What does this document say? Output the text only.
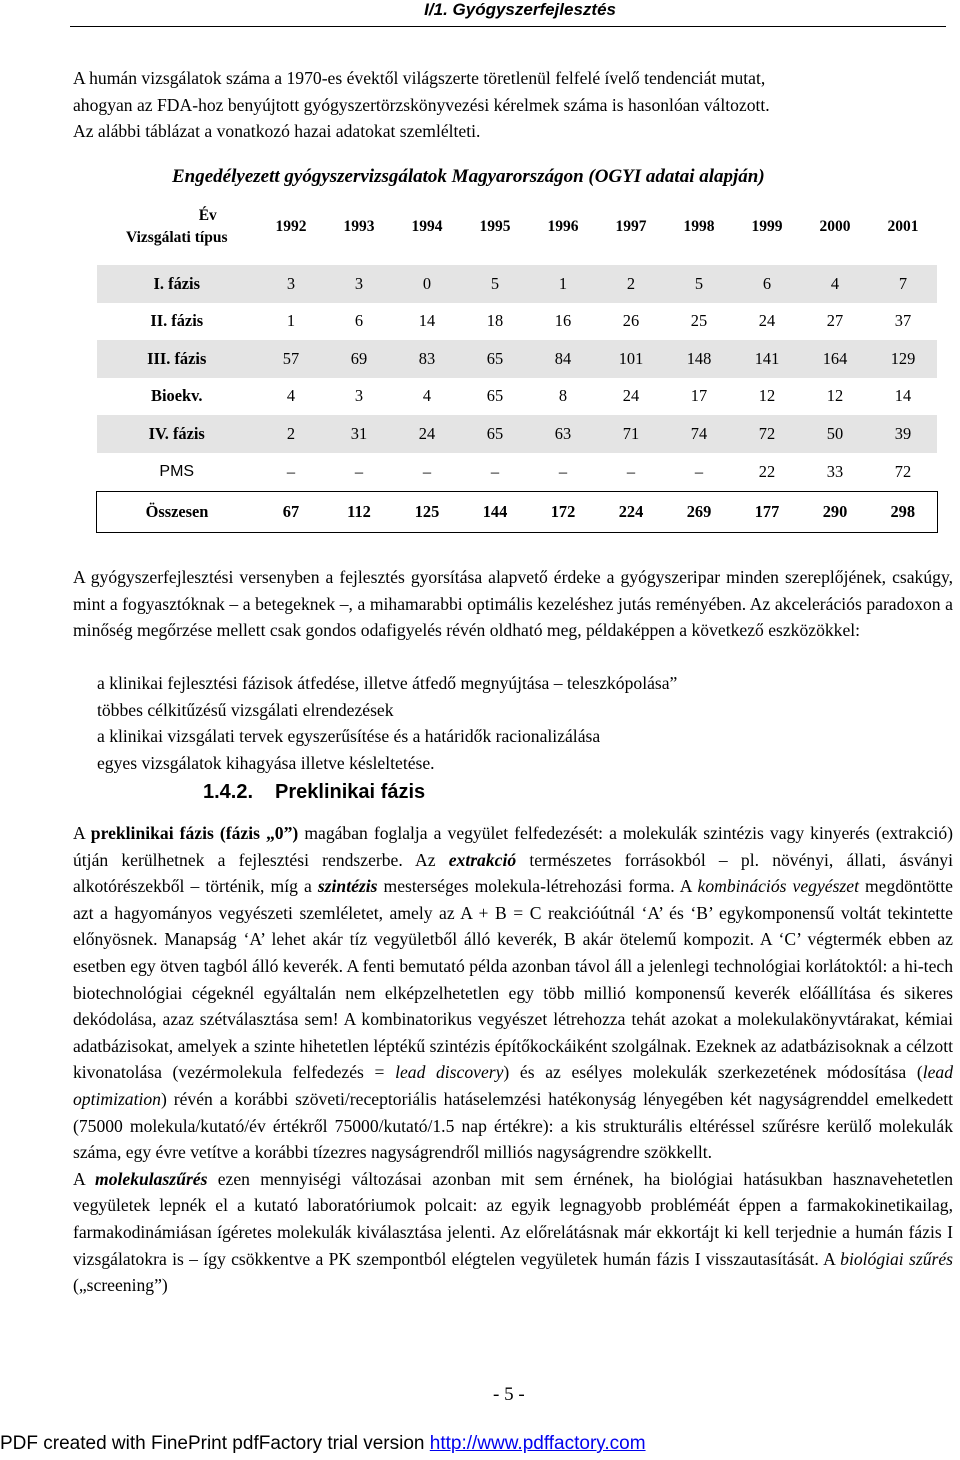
I/1. Gyógyszerfejlesztés
A humán vizsgálatok száma a 1970-es évektől világszerte töretlenül felfelé ívelő tendenciát mutat,
ahogyan az FDA-hoz benyújtott gyógyszertörzskönyvezési kérelmek száma is hasonlóan változott.
Az alábbi táblázat a vonatkozó hazai adatokat szemlélteti.
Engedélyezett gyógyszervizsgálatok Magyarországon (OGYI adatai alapján)
Év
Vizsgálati típus	1992	1993	1994	1995	1996	1997	1998	1999	2000	2001

I. fázis	3	3	0	5	1	2	5	6	4	7
II. fázis	1	6	14	18	16	26	25	24	27	37
III. fázis	57	69	83	65	84	101	148	141	164	129
Bioekv.	4	3	4	65	8	24	17	12	12	14
IV. fázis	2	31	24	65	63	71	74	72	50	39
PMS	–	–	–	–	–	–	–	22	33	72
Összesen	67	112	125	144	172	224	269	177	290	298

A gyógyszerfejlesztési versenyben a fejlesztés gyorsítása alapvető érdeke a gyógyszeripar minden szereplőjének, csakúgy, mint a fogyasztóknak – a betegeknek –, a mihamarabbi optimális kezeléshez jutás reményében. Az akcelerációs paradoxon a minőség megőrzése mellett csak gondos odafigyelés révén oldható meg, példaképpen a következő eszközökkel:

a klinikai fejlesztési fázisok átfedése, illetve átfedő megnyújtása – teleszkópolása”
többes célkitűzésű vizsgálati elrendezések
a klinikai vizsgálati tervek egyszerűsítése és a határidők racionalizálása
egyes vizsgálatok kihagyása illetve késleltetése.
1.4.2. Preklinikai fázis

A preklinikai fázis (fázis „0”) magában foglalja a vegyület felfedezését: a molekulák szintézis vagy kinyerés (extrakció) útján kerülhetnek a fejlesztési rendszerbe. Az extrakció természetes forrásokból – pl. növényi, állati, ásványi alkotórészekből – történik, míg a szintézis mesterséges molekula-létrehozási forma. A kombinációs vegyészet megdöntötte azt a hagyományos vegyészeti szemléletet, amely az A + B = C reakcióútnál ‘A’ és ‘B’ egykomponensű voltát tekintette előnyösnek. Manapság ‘A’ lehet akár tíz vegyületből álló keverék, B akár ötelemű kompozit. A ‘C’ végtermék ebben az esetben egy ötven tagból álló keverék. A fenti bemutató példa azonban távol áll a jelenlegi technológiai korlátoktól: a hi-tech biotechnológiai cégeknél egyáltalán nem elképzelhetetlen egy több millió komponensű keverék előállítása és sikeres dekódolása, azaz szétválasztása sem! A kombinatorikus vegyészet létrehozza tehát azokat a molekulakönyvtárakat, kémiai adatbázisokat, amelyek a szinte hihetetlen léptékű szintézis építőkockáiként szolgálnak. Ezeknek az adatbázisoknak a célzott kivonatolása (vezérmolekula felfedezés = lead discovery) és az esélyes molekulák szerkezetének módosítása (lead optimization) révén a korábbi szöveti/receptoriális hatáselemzési hatékonyság lényegében két nagyságrenddel emelkedett (75000 molekula/kutató/év értékről 75000/kutató/1.5 nap értékre): a kis strukturális eltéréssel szűrésre kerülő molekulák száma, egy évre vetítve a korábbi tízezres nagyságrendről milliós nagyságrendre szökkellt.

A molekulaszűrés ezen mennyiségi változásai azonban mit sem érnének, ha biológiai hatásukban hasznavehetetlen vegyületek lepnék el a kutató laboratóriumok polcait: az egyik legnagyobb probléméát éppen a farmakokinetikailag, farmakodinámiásan ígéretes molekulák kiválasztása jelenti. Az előrelátásnak már ekkortájt ki kell terjednie a humán fázis I vizsgálatokra is – így csökkentve a PK szempontból elégtelen vegyületek humán fázis I visszautasítását. A biológiai szűrés („screening”)

- 5 -
PDF created with FinePrint pdfFactory trial version http://www.pdffactory.com
